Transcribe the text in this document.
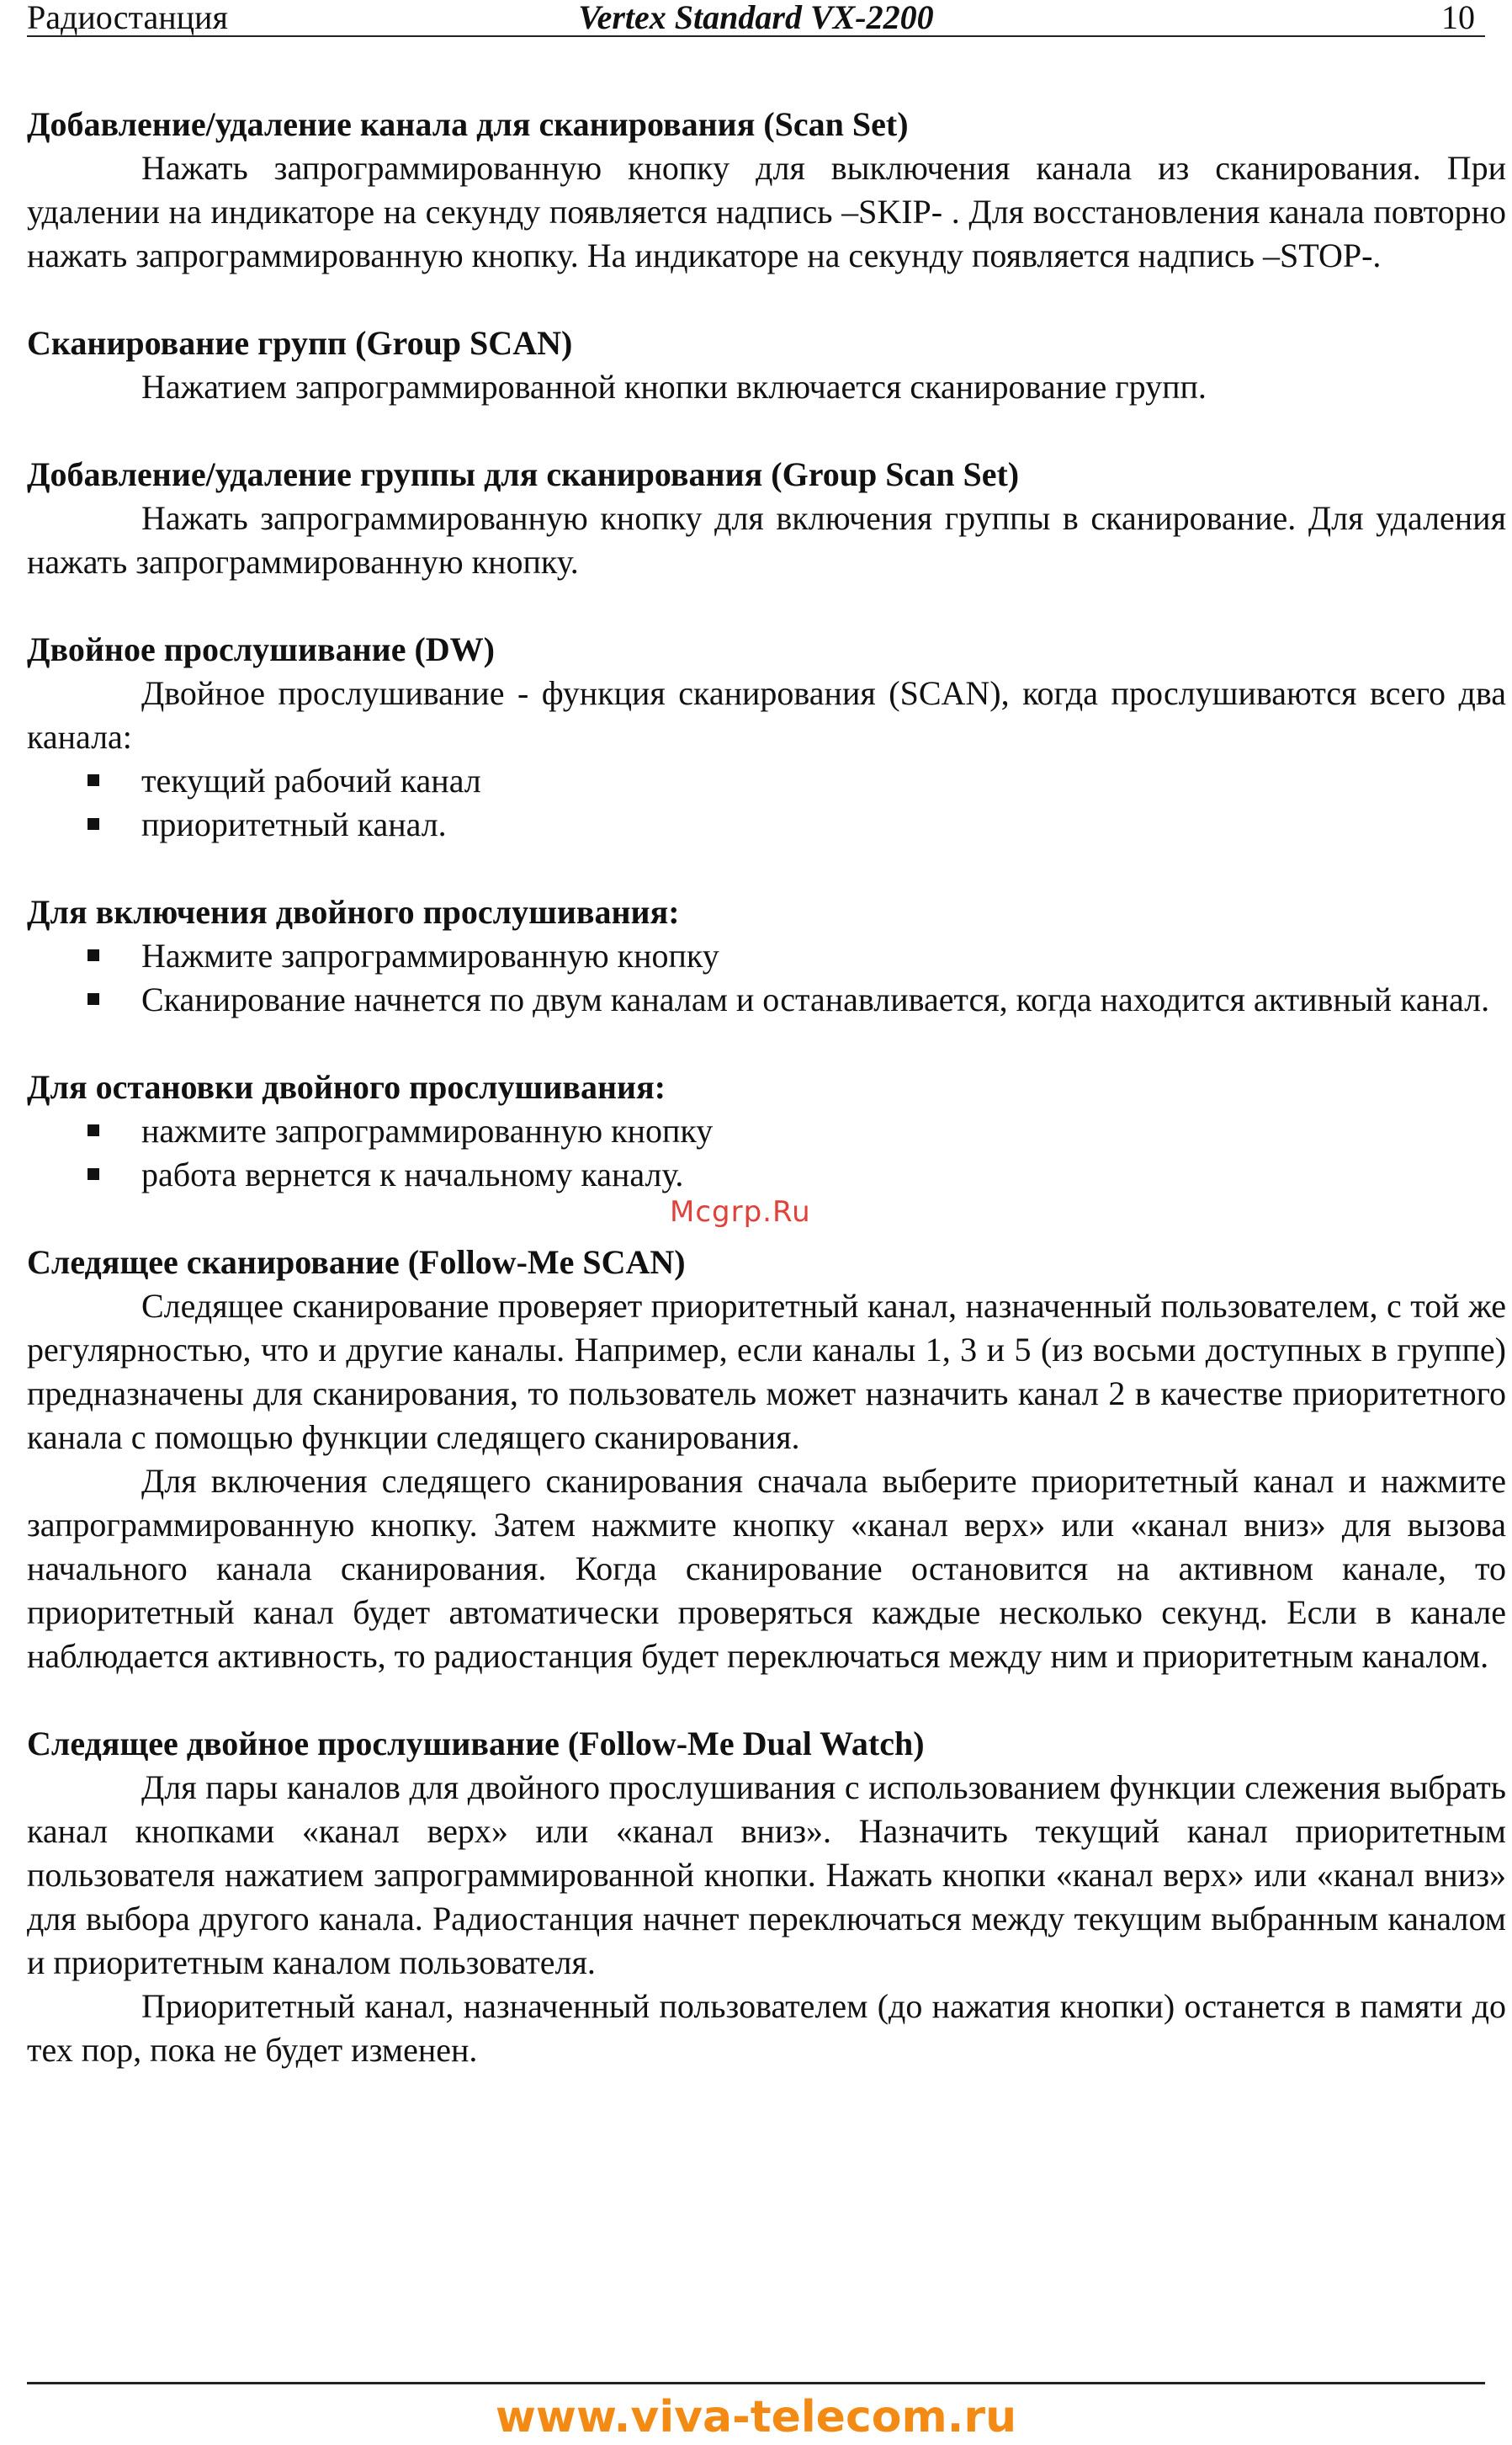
Радиостанция	Vertex Standard VX-2200	10
Добавление/удаление канала для сканирования (Scan Set)

Нажать запрограммированную кнопку для выключения канала из сканирования. При удалении на индикаторе на секунду появляется надпись –SKIP- . Для восстановления канала повторно нажать запрограммированную кнопку. На индикаторе на секунду появляется надпись –STOP-.

Сканирование групп (Group SCAN)

Нажатием запрограммированной кнопки включается сканирование групп.

Добавление/удаление группы для сканирования (Group Scan Set)

Нажать запрограммированную кнопку для включения группы в сканирование. Для удаления нажать запрограммированную кнопку.

Двойное прослушивание (DW)

Двойное прослушивание - функция сканирования (SCAN), когда прослушиваются всего два канала:

текущий рабочий канал
приоритетный канал.
Для включения двойного прослушивания:
Нажмите запрограммированную кнопку
Сканирование начнется по двум каналам и останавливается, когда находится активный канал.
Для остановки двойного прослушивания:
нажмите запрограммированную кнопку
работа вернется к начальному каналу.
Следящее сканирование (Follow-Me SCAN)

Следящее сканирование проверяет приоритетный канал, назначенный пользователем, с той же регулярностью, что и другие каналы. Например, если каналы 1, 3 и 5 (из восьми доступных в группе) предназначены для сканирования, то пользователь может назначить канал 2 в качестве приоритетного канала с помощью функции следящего сканирования.

Для включения следящего сканирования сначала выберите приоритетный канал и нажмите запрограммированную кнопку. Затем нажмите кнопку «канал верх» или «канал вниз» для вызова начального канала сканирования. Когда сканирование остановится на активном канале, то приоритетный канал будет автоматически проверяться каждые несколько секунд. Если в канале наблюдается активность, то радиостанция будет переключаться между ним и приоритетным каналом.

Следящее двойное прослушивание (Follow-Me Dual Watch)

Для пары каналов для двойного прослушивания с использованием функции слежения выбрать канал кнопками «канал верх» или «канал вниз». Назначить текущий канал приоритетным пользователя нажатием запрограммированной кнопки. Нажать кнопки «канал верх» или «канал вниз» для выбора другого канала. Радиостанция начнет переключаться между текущим выбранным каналом и приоритетным каналом пользователя.

Приоритетный канал, назначенный пользователем (до нажатия кнопки) останется в памяти до тех пор, пока не будет изменен.

Mcgrp.Ru
www.viva-telecom.ru
